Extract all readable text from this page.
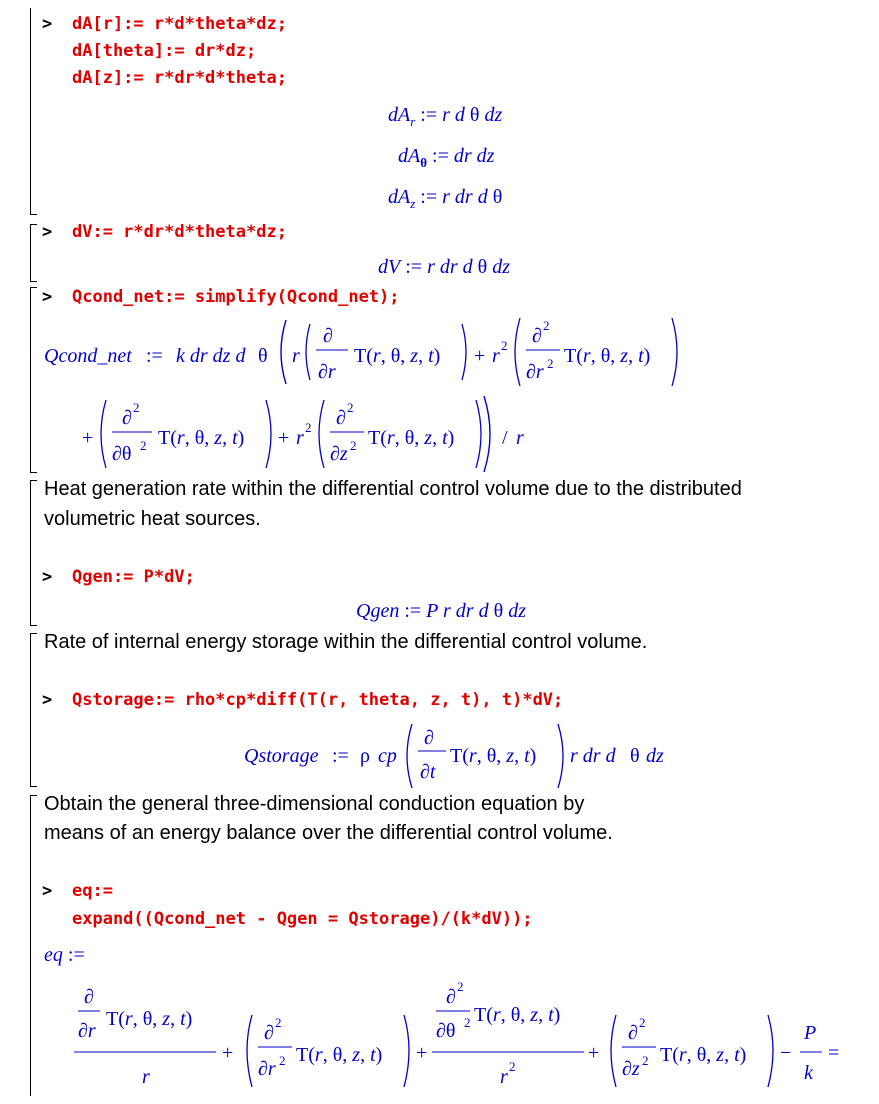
> dA[r]:= r*d*theta*dz;
dA[theta]:= dr*dz;
dA[z]:= r*dr*d*theta;
$dA_r$ := r d θ dz
$dA_\theta$ := dr dz
$dA_z$ := r dr d θ
> dV:= r*dr*d*theta*dz;
dV := r dr d θ dz
> Qcond_net:= simplify(Qcond_net);
Qcond_net := k dr dz d θ r
∂
∂r
T(r, θ, z, t) + r 2 ∂ 2
∂r 2 T(r, θ, z, t)
+
∂ 2
∂θ 2 T(r, θ, z, t) + r 2 ∂ 2
∂z 2 T(r, θ, z, t) / r
Heat generation rate within the differential control volume due to the distributed
volumetric heat sources.
> Qgen:= P*dV;
Qgen := P r dr d θ dz
Rate of internal energy storage within the differential control volume.
> Qstorage:= rho*cp*diff(T(r, theta, z, t), t)*dV;
Qstorage := ρ cp
∂
∂t
T(r, θ, z, t) r dr d θ dz
Obtain the general three-dimensional conduction equation by
means of an energy balance over the differential control volume.
> eq:=
expand((Qcond_net - Qgen = Qstorage)/(k*dV));
eq :=
∂
∂r
T(r, θ, z, t)
r
+
∂ 2
∂r 2 T(r, θ, z, t) +
∂ 2
∂θ 2 T(r, θ, z, t)
r 2
+
∂ 2
∂z 2 T(r, θ, z, t) −
P
k
=
